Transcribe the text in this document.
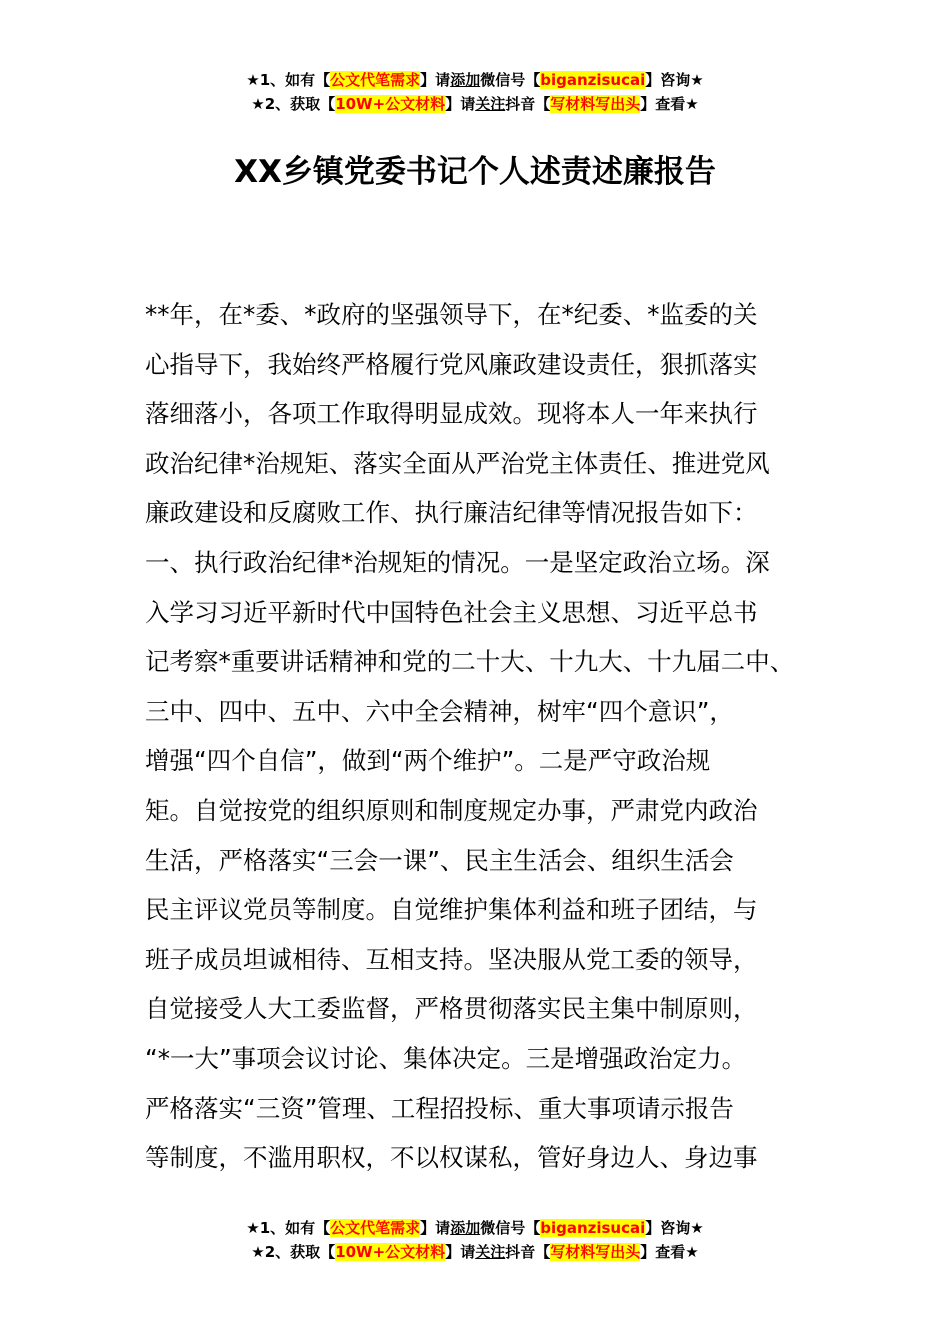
★1、如有【公文代笔需求】请添加微信号【biganzisucai】咨询★
★2、获取【10W+公文材料】请关注抖音【写材料写出头】查看★
XX乡镇党委书记个人述责述廉报告
**年，在*委、*政府的坚强领导下，在*纪委、*监委的关
心指导下，我始终严格履行党风廉政建设责任，狠抓落实
落细落小，各项工作取得明显成效。现将本人一年来执行
政治纪律*治规矩、落实全面从严治党主体责任、推进党风
廉政建设和反腐败工作、执行廉洁纪律等情况报告如下：
一、执行政治纪律*治规矩的情况。一是坚定政治立场。深
入学习习近平新时代中国特色社会主义思想、习近平总书
记考察*重要讲话精神和党的二十大、十九大、十九届二中、
三中、四中、五中、六中全会精神，树牢“四个意识”，
增强“四个自信”，做到“两个维护”。二是严守政治规
矩。自觉按党的组织原则和制度规定办事，严肃党内政治
生活，严格落实“三会一课”、民主生活会、组织生活会
民主评议党员等制度。自觉维护集体利益和班子团结，与
班子成员坦诚相待、互相支持。坚决服从党工委的领导，
自觉接受人大工委监督，严格贯彻落实民主集中制原则，
“*一大”事项会议讨论、集体决定。三是增强政治定力。
严格落实“三资”管理、工程招投标、重大事项请示报告
等制度，不滥用职权，不以权谋私，管好身边人、身边事
★1、如有【公文代笔需求】请添加微信号【biganzisucai】咨询★
★2、获取【10W+公文材料】请关注抖音【写材料写出头】查看★
